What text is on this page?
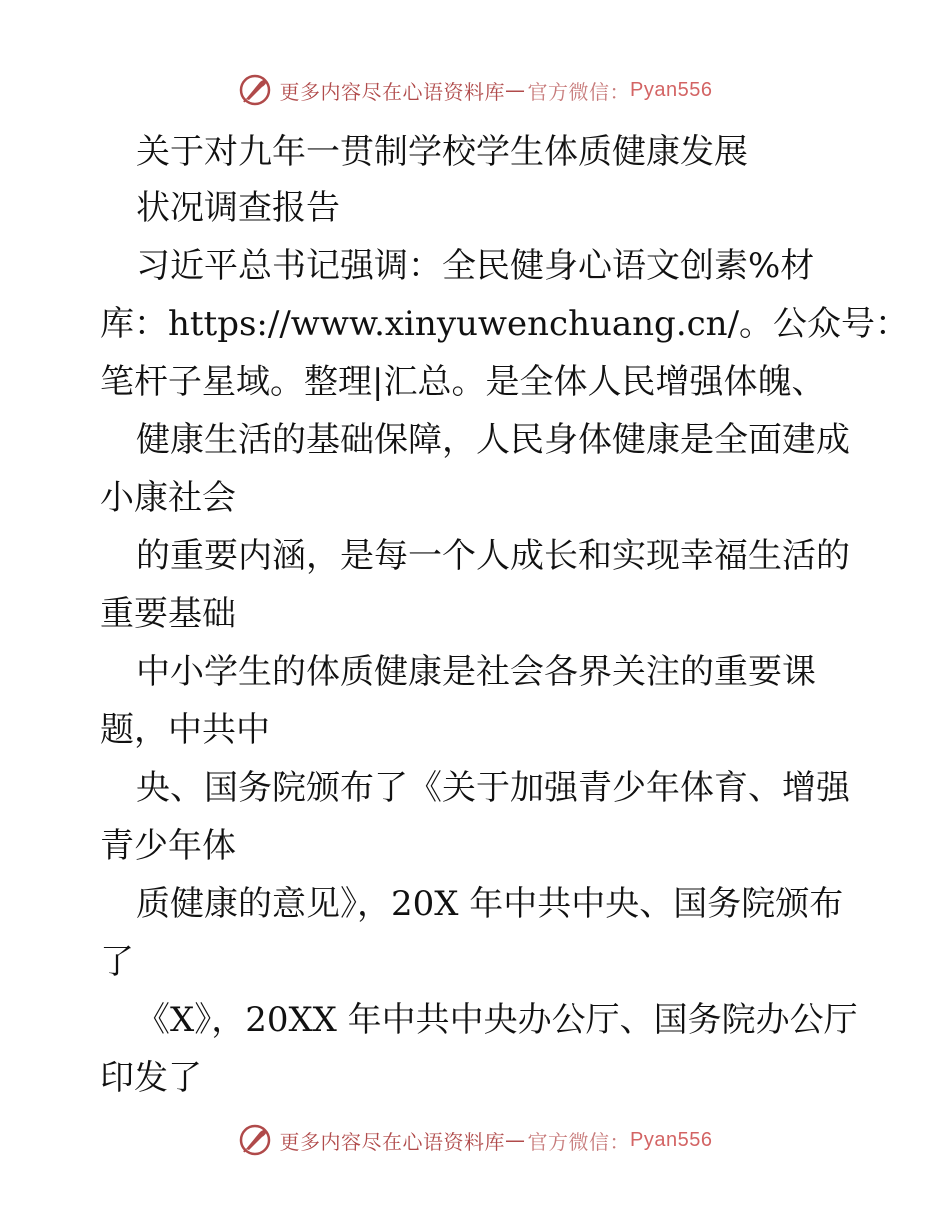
更多内容尽在心语资料库 — 官方微信： Pyan556
关于对九年一贯制学校学生体质健康发展
状况调查报告
习近平总书记强调：全民健身心语文创素%材
库：https://www.xinyuwenchuang.cn/。公众号：
笔杆子星域。整理|汇总。是全体人民增强体魄、
健康生活的基础保障，人民身体健康是全面建成
小康社会
的重要内涵，是每一个人成长和实现幸福生活的
重要基础
中小学生的体质健康是社会各界关注的重要课
题，中共中
央、国务院颁布了《关于加强青少年体育、增强
青少年体
质健康的意见》，20X 年中共中央、国务院颁布
了
《X》，20XX 年中共中央办公厅、国务院办公厅
印发了
更多内容尽在心语资料库 — 官方微信： Pyan556
